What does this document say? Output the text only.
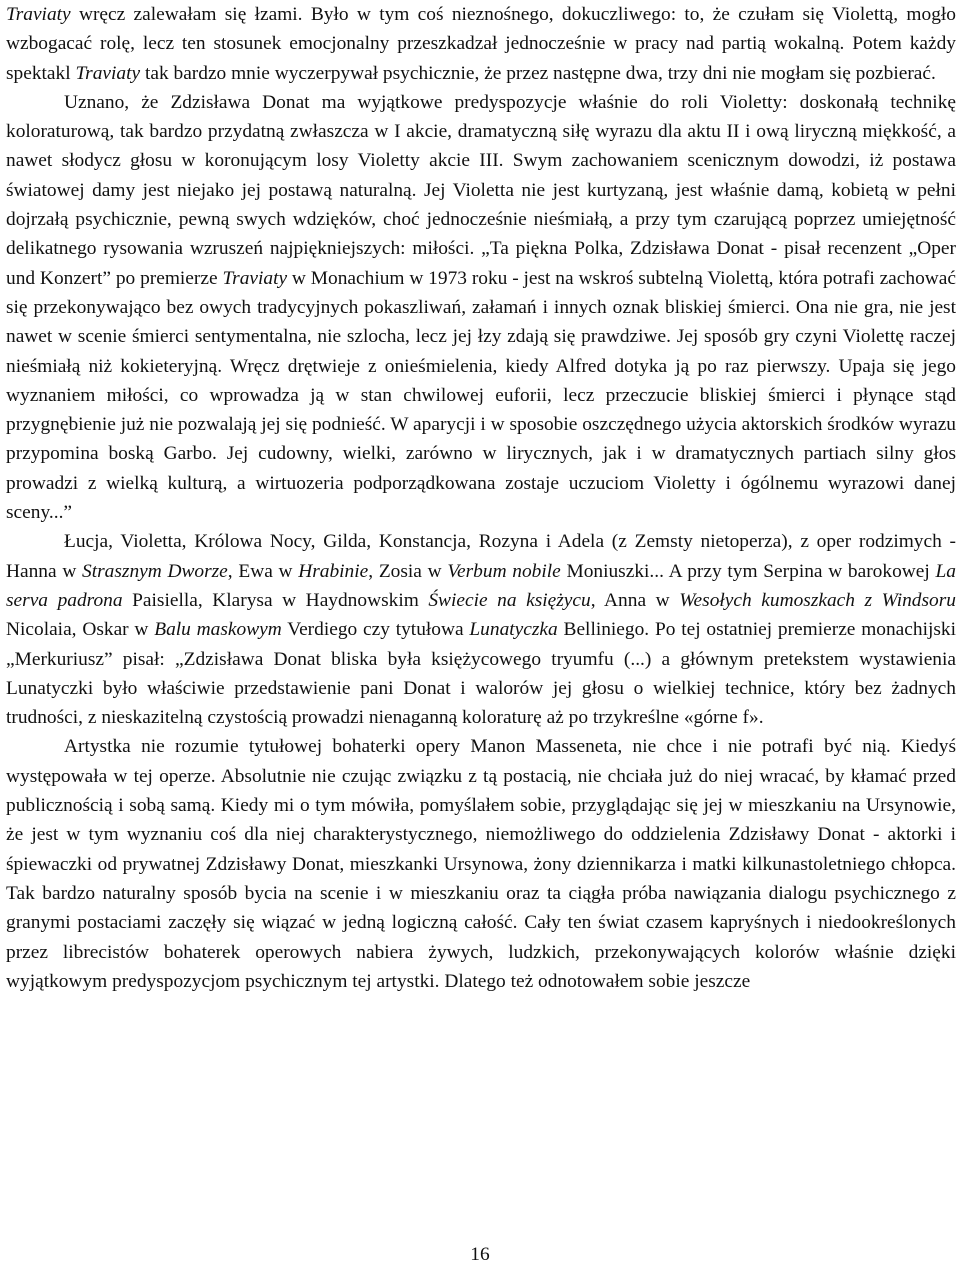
Traviaty wręcz zalewałam się łzami. Było w tym coś nieznośnego, dokuczliwego: to, że czułam się Violettą, mogło wzbogacać rolę, lecz ten stosunek emocjonalny przeszkadzał jednocześnie w pracy nad partią wokalną. Potem każdy spektakl Traviaty tak bardzo mnie wyczerpywał psychicznie, że przez następne dwa, trzy dni nie mogłam się pozbierać.

Uznano, że Zdzisława Donat ma wyjątkowe predyspozycje właśnie do roli Violetty: doskonałą technikę koloraturową, tak bardzo przydatną zwłaszcza w I akcie, dramatyczną siłę wyrazu dla aktu II i ową liryczną miękkość, a nawet słodycz głosu w koronującym losy Violetty akcie III. Swym zachowaniem scenicznym dowodzi, iż postawa światowej damy jest niejako jej postawą naturalną. Jej Violetta nie jest kurtyzaną, jest właśnie damą, kobietą w pełni dojrzałą psychicznie, pewną swych wdzięków, choć jednocześnie nieśmiałą, a przy tym czarującą poprzez umiejętność delikatnego rysowania wzruszeń najpiękniejszych: miłości. „Ta piękna Polka, Zdzisława Donat - pisał recenzent „Oper und Konzert” po premierze Traviaty w Monachium w 1973 roku - jest na wskroś subtelną Violettą, która potrafi zachować się przekonywająco bez owych tradycyjnych pokaszliwań, załamań i innych oznak bliskiej śmierci. Ona nie gra, nie jest nawet w scenie śmierci sentymentalna, nie szlocha, lecz jej łzy zdają się prawdziwe. Jej sposób gry czyni Violettę raczej nieśmiałą niż kokieteryjną. Wręcz drętwieje z onieśmielenia, kiedy Alfred dotyka ją po raz pierwszy. Upaja się jego wyznaniem miłości, co wprowadza ją w stan chwilowej euforii, lecz przeczucie bliskiej śmierci i płynące stąd przygnębienie już nie pozwalają jej się podnieść. W aparycji i w sposobie oszczędnego użycia aktorskich środków wyrazu przypomina boską Garbo. Jej cudowny, wielki, zarówno w lirycznych, jak i w dramatycznych partiach silny głos prowadzi z wielką kulturą, a wirtuozeria podporządkowana zostaje uczuciom Violetty i ógólnemu wyrazowi danej sceny...”

Łucja, Violetta, Królowa Nocy, Gilda, Konstancja, Rozyna i Adela (z Zemsty nietoperza), z oper rodzimych - Hanna w Strasznym Dworze, Ewa w Hrabinie, Zosia w Verbum nobile Moniuszki... A przy tym Serpina w barokowej La serva padrona Paisiella, Klarysa w Haydnowskim Świecie na księżycu, Anna w Wesołych kumoszkach z Windsoru Nicolaia, Oskar w Balu maskowym Verdiego czy tytułowa Lunatyczka Belliniego. Po tej ostatniej premierze monachijski „Merkuriusz” pisał: „Zdzisława Donat bliska była księżycowego tryumfu (...) a głównym pretekstem wystawienia Lunatyczki było właściwie przedstawienie pani Donat i walorów jej głosu o wielkiej technice, który bez żadnych trudności, z nieskazitelną czystością prowadzi nienaganną koloraturę aż po trzykreślne «górne f».

Artystka nie rozumie tytułowej bohaterki opery Manon Masseneta, nie chce i nie potrafi być nią. Kiedyś występowała w tej operze. Absolutnie nie czując związku z tą postacią, nie chciała już do niej wracać, by kłamać przed publicznością i sobą samą. Kiedy mi o tym mówiła, pomyślałem sobie, przyglądając się jej w mieszkaniu na Ursynowie, że jest w tym wyznaniu coś dla niej charakterystycznego, niemożliwego do oddzielenia Zdzisławy Donat - aktorki i śpiewaczki od prywatnej Zdzisławy Donat, mieszkanki Ursynowa, żony dziennikarza i matki kilkunastoletniego chłopca. Tak bardzo naturalny sposób bycia na scenie i w mieszkaniu oraz ta ciągła próba nawiązania dialogu psychicznego z granymi postaciami zaczęły się wiązać w jedną logiczną całość. Cały ten świat czasem kapryśnych i niedookreślonych przez librecistów bohaterek operowych nabiera żywych, ludzkich, przekonywających kolorów właśnie dzięki wyjątkowym predyspozycjom psychicznym tej artystki. Dlatego też odnotowałem sobie jeszcze

16
